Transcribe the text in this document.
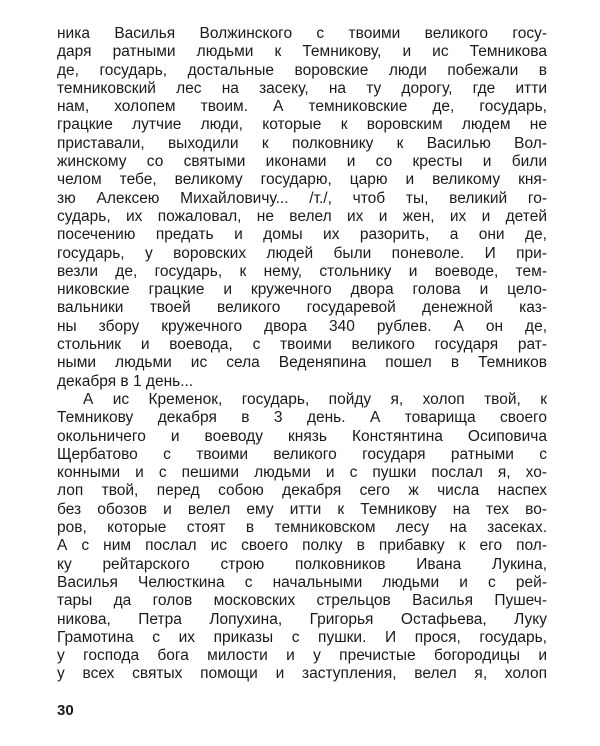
ника Василья Волжинского с твоими великого госу-
даря ратными людьми к Темникову, и ис Темникова
де, государь, достальные воровские люди побежали в
темниковский лес на засеку, на ту дорогу, где итти
нам, холопем твоим. А темниковские де, государь,
грацкие лутчие люди, которые к воровским людем не
приставали, выходили к полковнику к Василью Вол-
жинскому со святыми иконами и со кресты и били
челом тебе, великому государю, царю и великому кня-
зю Алексею Михайловичу... /т./, чтоб ты, великий го-
сударь, их пожаловал, не велел их и жен, их и детей
посечению предать и домы их разорить, а они де,
государь, у воровских людей были поневоле. И при-
везли де, государь, к нему, стольнику и воеводе, тем-
никовские грацкие и кружечного двора голова и цело-
вальники твоей великого государевой денежной каз-
ны збору кружечного двора 340 рублев. А он де,
стольник и воевода, с твоими великого государя рат-
ными людьми ис села Веденяпина пошел в Темников
декабря в 1 день...
А ис Кременок, государь, пойду я, холоп твой, к
Темникову декабря в 3 день. А товарища своего
окольничего и воеводу князь Констянтина Осиповича
Щербатово с твоими великого государя ратными с
конными и с пешими людьми и с пушки послал я, хо-
лоп твой, перед собою декабря сего ж числа наспех
без обозов и велел ему итти к Темникову на тех во-
ров, которые стоят в темниковском лесу на засеках.
А с ним послал ис своего полку в прибавку к его пол-
ку рейтарского строю полковников Ивана Лукина,
Василья Челюсткина с начальными людьми и с рей-
тары да голов московских стрельцов Василья Пушеч-
никова, Петра Лопухина, Григорья Остафьева, Луку
Грамотина с их приказы с пушки. И прося, государь,
у господа бога милости и у пречистые богородицы и
у всех святых помощи и заступления, велел я, холоп
30
